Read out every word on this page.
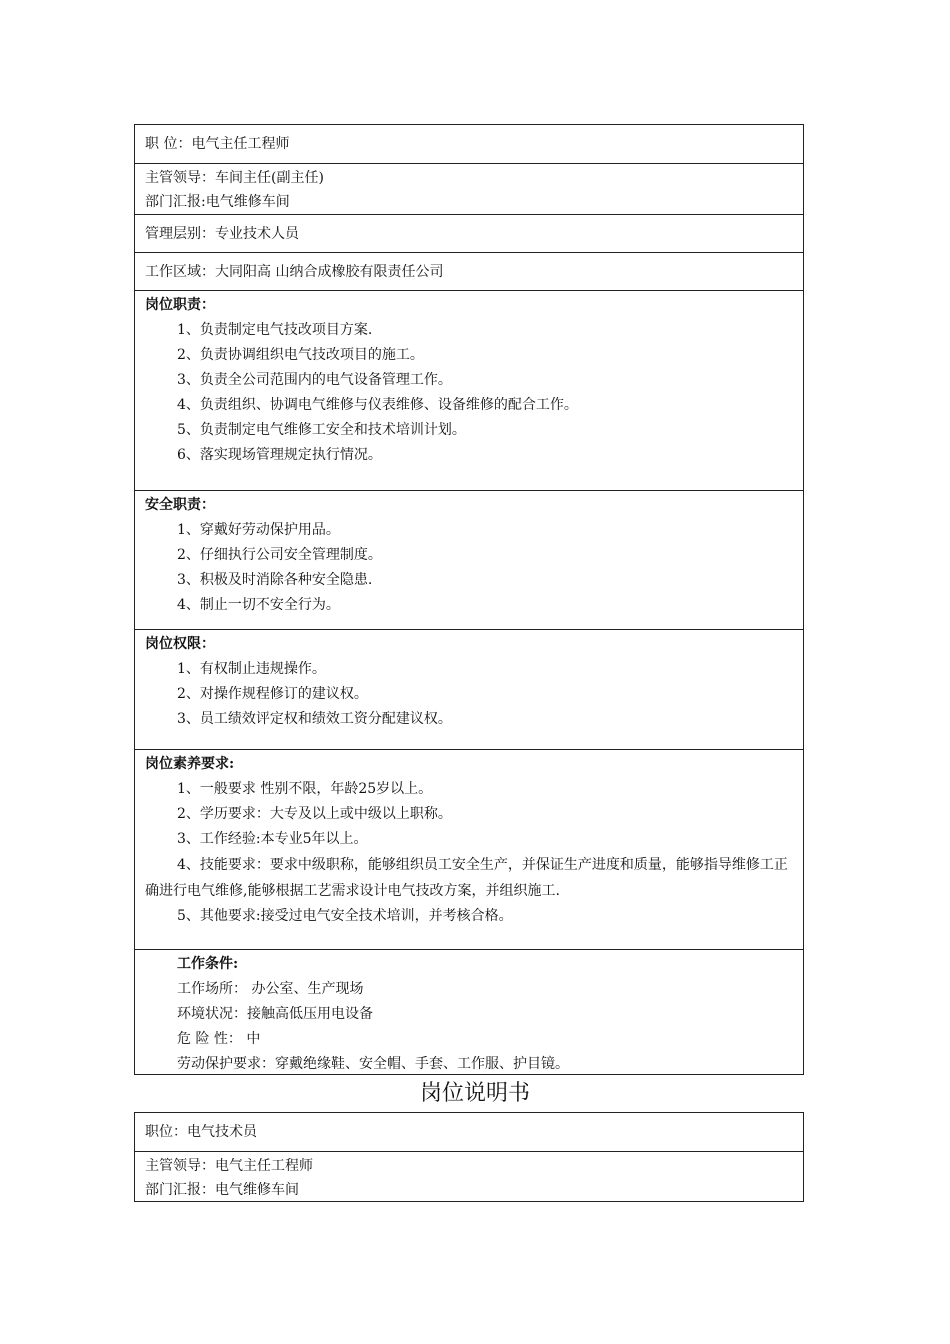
职 位：电气主任工程师
主管领导：车间主任(副主任)
部门汇报:电气维修车间
管理层别：专业技术人员
工作区域：大同阳高 山纳合成橡胶有限责任公司
岗位职责：
1、负责制定电气技改项目方案.
2、负责协调组织电气技改项目的施工。
3、负责全公司范围内的电气设备管理工作。
4、负责组织、协调电气维修与仪表维修、设备维修的配合工作。
5、负责制定电气维修工安全和技术培训计划。
6、落实现场管理规定执行情况。
安全职责：
1、穿戴好劳动保护用品。
2、仔细执行公司安全管理制度。
3、积极及时消除各种安全隐患.
4、制止一切不安全行为。
岗位权限：
1、有权制止违规操作。
2、对操作规程修订的建议权。
3、员工绩效评定权和绩效工资分配建议权。
岗位素养要求:
1、一般要求 性别不限，年龄25岁以上。
2、学历要求：大专及以上或中级以上职称。
3、工作经验:本专业5年以上。
4、技能要求：要求中级职称，能够组织员工安全生产，并保证生产进度和质量，能够指导维修工正确进行电气维修,能够根据工艺需求设计电气技改方案，并组织施工.
5、其他要求:接受过电气安全技术培训，并考核合格。
工作条件:
工作场所： 办公室、生产现场
环境状况：接触高低压用电设备
危 险 性： 中
劳动保护要求：穿戴绝缘鞋、安全帽、手套、工作服、护目镜。
岗位说明书
职位：电气技术员
主管领导：电气主任工程师
部门汇报：电气维修车间
